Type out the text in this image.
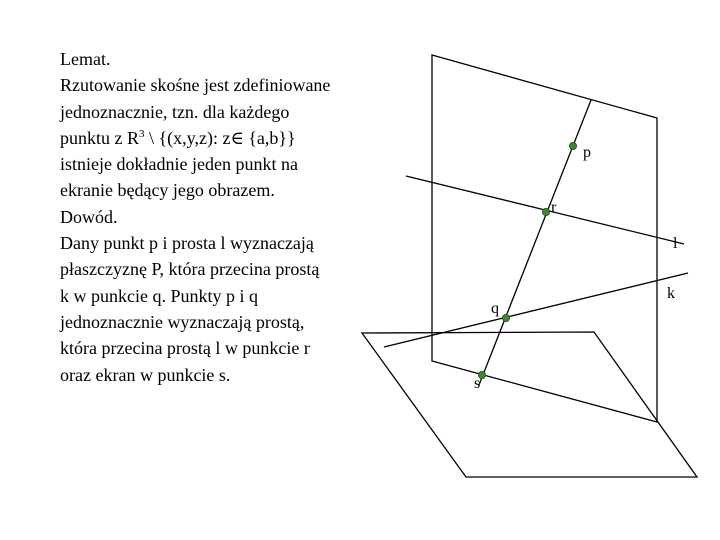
Lemat.

Rzutowanie skośne jest zdefiniowane

jednoznacznie, tzn. dla każdego

punktu z $R^3$ \ {(x,y,z): z∈ {a,b}}

istnieje dokładnie jeden punkt na

ekranie będący jego obrazem.

Dowód.

Dany punkt p i prosta l wyznaczają

płaszczyznę P, która przecina prostą

k w punkcie q. Punkty p i q

jednoznacznie wyznaczają prostą,

która przecina prostą l w punkcie r

oraz ekran w punkcie s.

p
r
l
k
q
s
